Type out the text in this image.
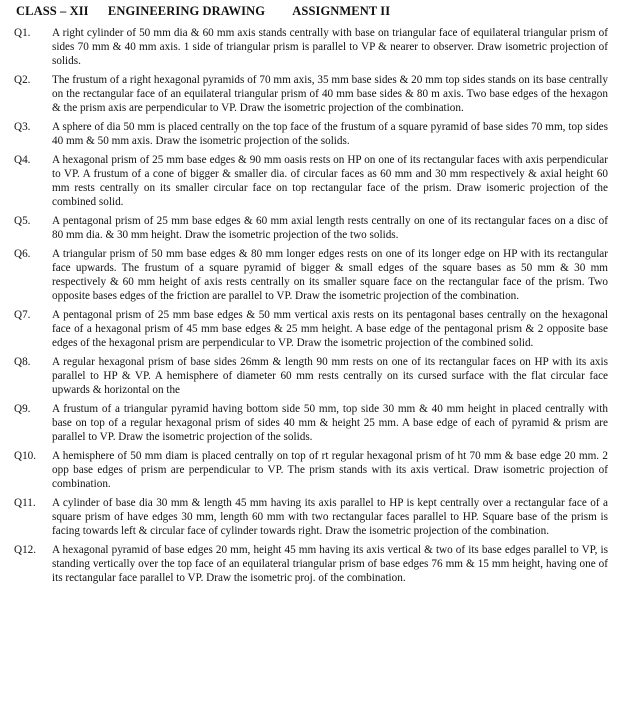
CLASS – XII ENGINEERING DRAWING ASSIGNMENT II
Q1.	A right cylinder of 50 mm dia & 60 mm axis stands centrally with base on triangular face of equilateral triangular prism of sides 70 mm & 40 mm axis. 1 side of triangular prism is parallel to VP & nearer to observer. Draw isometric projection of solids.
Q2.	The frustum of a right hexagonal pyramids of 70 mm axis, 35 mm base sides & 20 mm top sides stands on its base centrally on the rectangular face of an equilateral triangular prism of 40 mm base sides & 80 m axis. Two base edges of the hexagon & the prism axis are perpendicular to VP. Draw the isometric projection of the combination.
Q3.	A sphere of dia 50 mm is placed centrally on the top face of the frustum of a square pyramid of base sides 70 mm, top sides 40 mm & 50 mm axis. Draw the isometric projection of the solids.
Q4.	A hexagonal prism of 25 mm base edges & 90 mm oasis rests on HP on one of its rectangular faces with axis perpendicular to VP. A frustum of a cone of bigger & smaller dia. of circular faces as 60 mm and 30 mm respectively & axial height 60 mm rests centrally on its smaller circular face on top rectangular face of the prism. Draw isomeric projection of the combined solid.
Q5.	A pentagonal prism of 25 mm base edges & 60 mm axial length rests centrally on one of its rectangular faces on a disc of 80 mm dia. & 30 mm height. Draw the isometric projection of the two solids.
Q6.	A triangular prism of 50 mm base edges & 80 mm longer edges rests on one of its longer edge on HP with its rectangular face upwards. The frustum of a square pyramid of bigger & small edges of the square bases as 50 mm & 30 mm respectively & 60 mm height of axis rests centrally on its smaller square face on the rectangular face of the prism. Two opposite bases edges of the friction are parallel to VP. Draw the isometric projection of the combination.
Q7.	A pentagonal prism of 25 mm base edges & 50 mm vertical axis rests on its pentagonal bases centrally on the hexagonal face of a hexagonal prism of 45 mm base edges & 25 mm height. A base edge of the pentagonal prism & 2 opposite base edges of the hexagonal prism are perpendicular to VP. Draw the isometric projection of the combined solid.
Q8.	A regular hexagonal prism of base sides 26mm & length 90 mm rests on one of its rectangular faces on HP with its axis parallel to HP & VP. A hemisphere of diameter 60 mm rests centrally on its cursed surface with the flat circular face upwards & horizontal on the
Q9.	A frustum of a triangular pyramid having bottom side 50 mm, top side 30 mm & 40 mm height in placed centrally with base on top of a regular hexagonal prism of sides 40 mm & height 25 mm. A base edge of each of pyramid & prism are parallel to VP. Draw the isometric projection of the solids.
Q10.	A hemisphere of 50 mm diam is placed centrally on top of rt regular hexagonal prism of ht 70 mm & base edge 20 mm. 2 opp base edges of prism are perpendicular to VP. The prism stands with its axis vertical. Draw isometric projection of combination.
Q11.	A cylinder of base dia 30 mm & length 45 mm having its axis parallel to HP is kept centrally over a rectangular face of a square prism of have edges 30 mm, length 60 mm with two rectangular faces parallel to HP. Square base of the prism is facing towards left & circular face of cylinder towards right. Draw the isometric projection of the combination.
Q12.	A hexagonal pyramid of base edges 20 mm, height 45 mm having its axis vertical & two of its base edges parallel to VP, is standing vertically over the top face of an equilateral triangular prism of base edges 76 mm & 15 mm height, having one of its rectangular face parallel to VP. Draw the isometric proj. of the combination.
